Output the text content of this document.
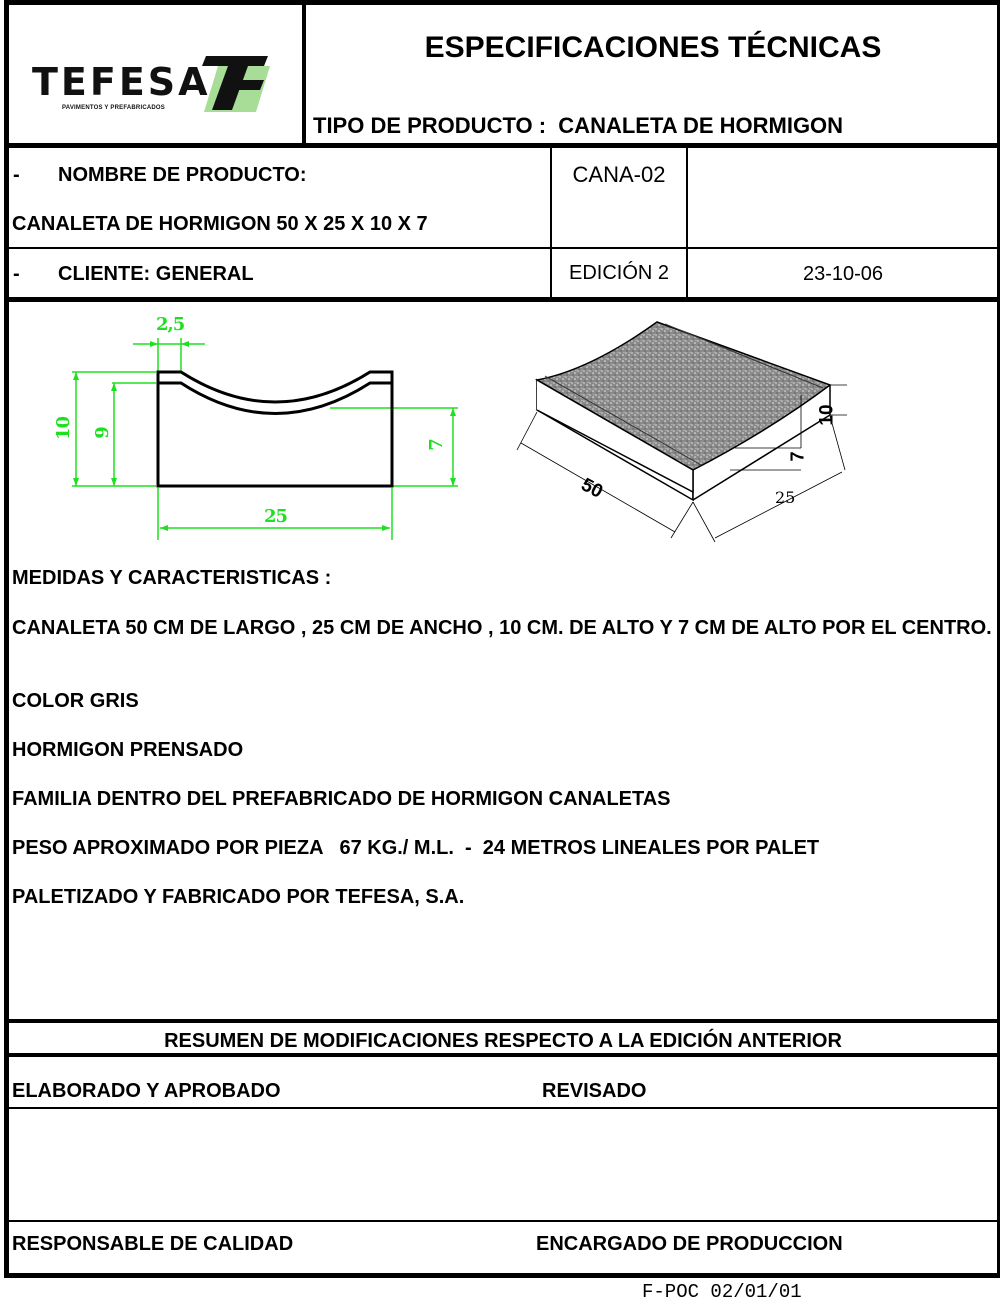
TEFESA
PAVIMENTOS Y PREFABRICADOS
ESPECIFICACIONES TÉCNICAS
TIPO DE PRODUCTO : CANALETA DE HORMIGON
- NOMBRE DE PRODUCTO:
CANALETA DE HORMIGON 50 X 25 X 10 X 7
CANA-02
- CLIENTE: GENERAL	EDICIÓN 2	23-10-06
2,5
10 9
7
25
50	25
10
7
MEDIDAS Y CARACTERISTICAS :
CANALETA 50 CM DE LARGO , 25 CM DE ANCHO , 10 CM. DE ALTO Y 7 CM DE ALTO POR EL CENTRO.
COLOR GRIS
HORMIGON PRENSADO
FAMILIA DENTRO DEL PREFABRICADO DE HORMIGON CANALETAS
PESO APROXIMADO POR PIEZA   67 KG./ M.L.  -  24 METROS LINEALES POR PALET
PALETIZADO Y FABRICADO POR TEFESA, S.A.
RESUMEN DE MODIFICACIONES RESPECTO A LA EDICIÓN ANTERIOR
ELABORADO Y APROBADO	REVISADO
RESPONSABLE DE CALIDAD	ENCARGADO DE PRODUCCION
F-POC 02/01/01
